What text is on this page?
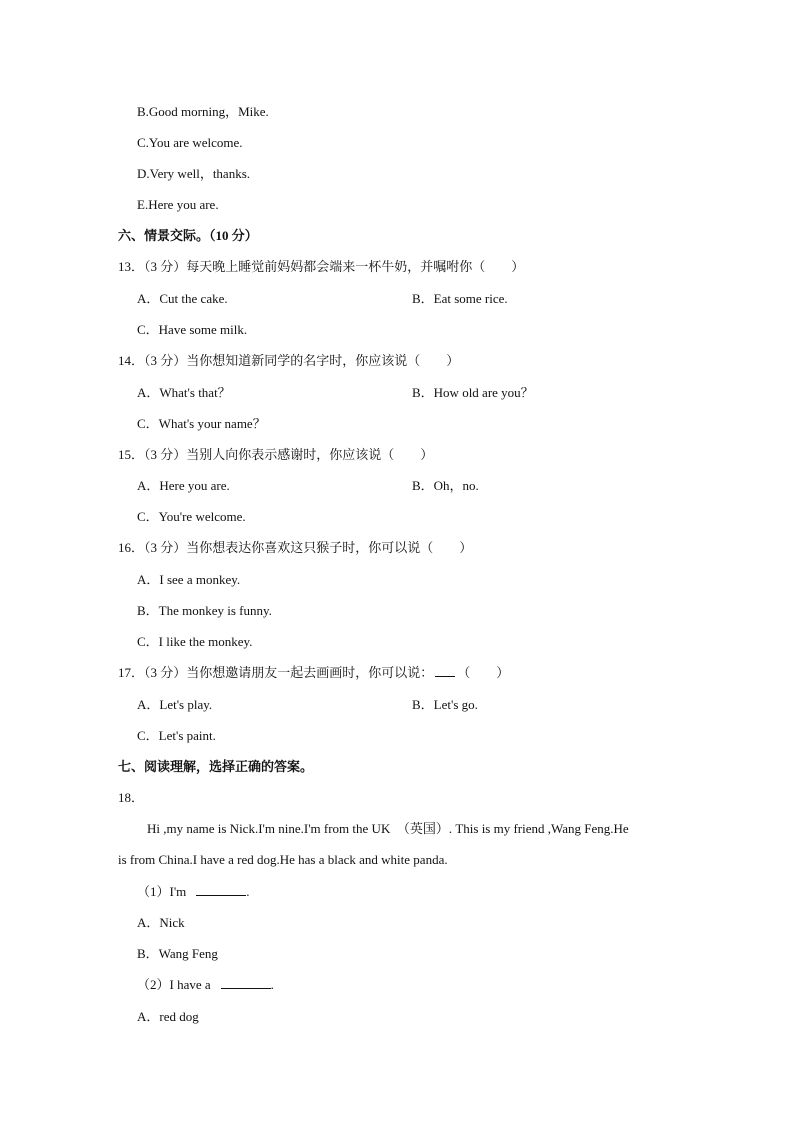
B.Good morning，Mike.
C.You are welcome.
D.Very well，thanks.
E.Here you are.
六、情景交际。（10 分）
13．（3 分）每天晚上睡觉前妈妈都会端来一杯牛奶，并嘱咐你（　　）
A．Cut the cake.	B．Eat some rice.
C．Have some milk.
14．（3 分）当你想知道新同学的名字时，你应该说（　　）
A．What's that？	B．How old are you？
C．What's your name？
15．（3 分）当别人向你表示感谢时，你应该说（　　）
A．Here you are.	B．Oh，no.
C．You're welcome.
16．（3 分）当你想表达你喜欢这只猴子时，你可以说（　　）
A．I see a monkey.
B．The monkey is funny.
C．I like the monkey.
17．（3 分）当你想邀请朋友一起去画画时，你可以说： （　　）
A．Let's play.	B．Let's go.
C．Let's paint.
七、阅读理解，选择正确的答案。
18．
Hi ,my name is Nick.I'm nine.I'm from the UK　（英国）. This is my friend ,Wang Feng.He
is from China.I have a red dog.He has a black and white panda.
（1）I'm	.
A．Nick
B．Wang Feng
（2）I have a	.
A．red dog
